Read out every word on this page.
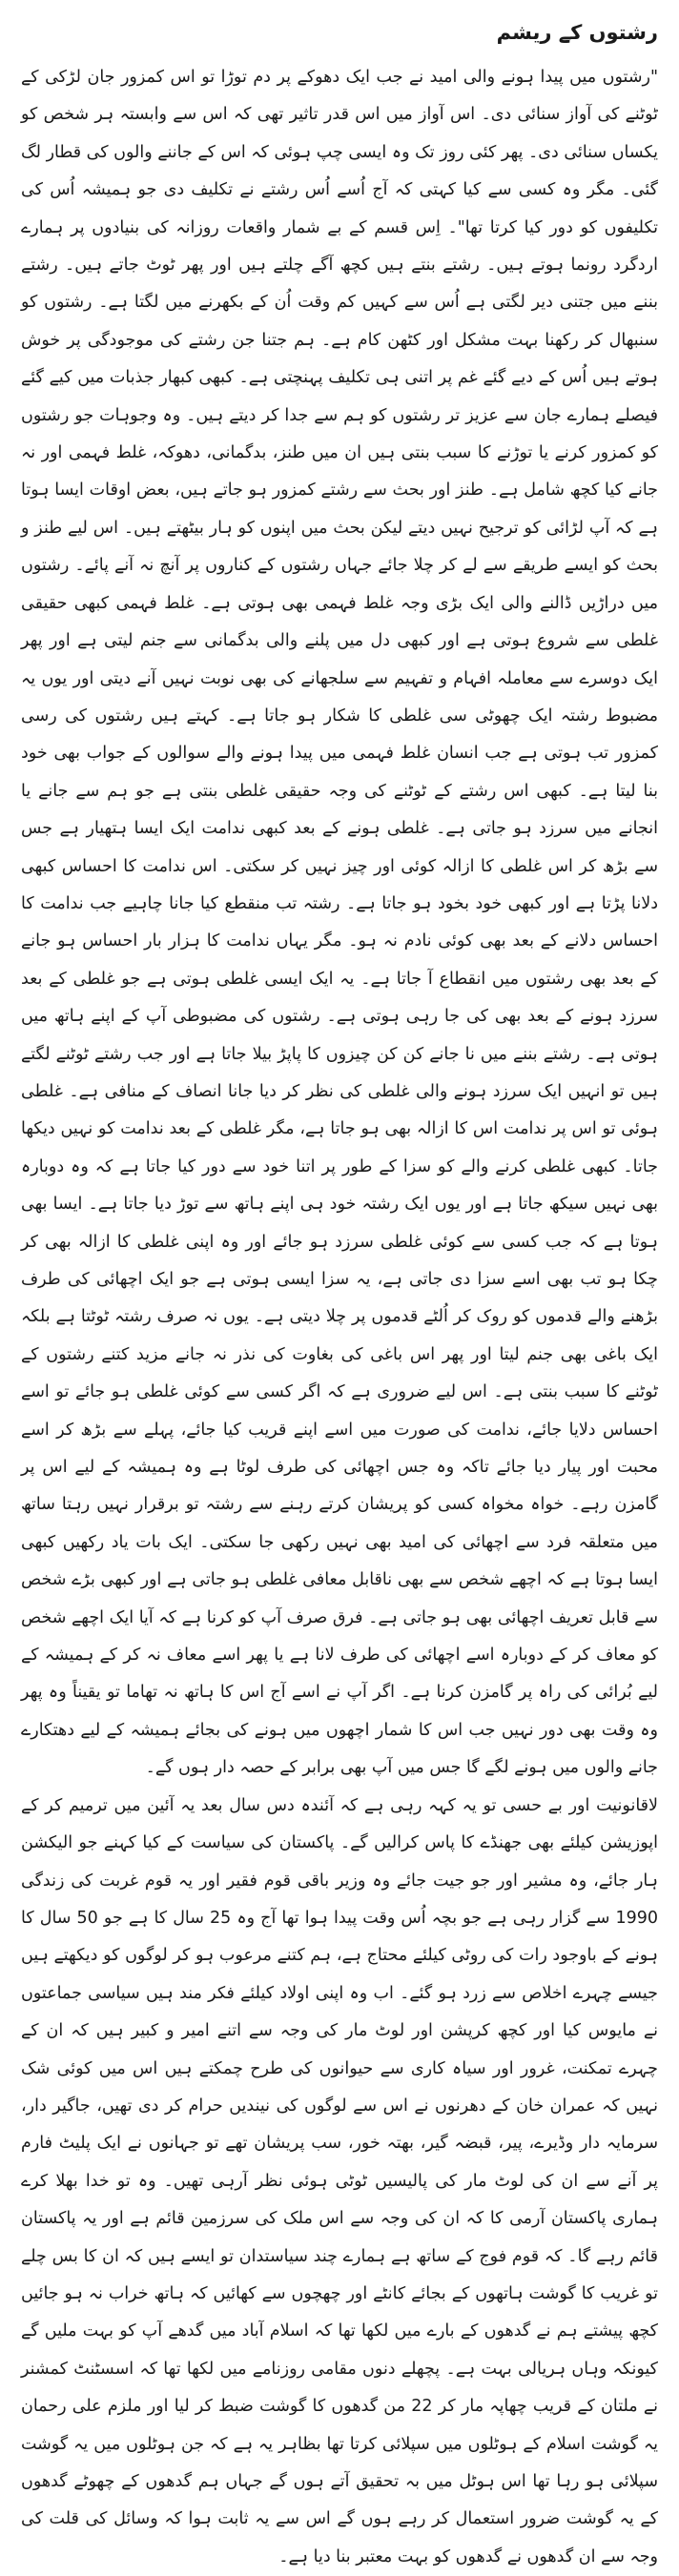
رشتوں کے ریشم

"رشتوں میں پیدا ہونے والی امید نے جب ایک دھوکے پر دم توڑا تو اس کمزور جان لڑکی کے ٹوٹنے کی آواز سنائی دی۔ اس آواز میں اس قدر تاثیر تھی کہ اس سے وابستہ ہر شخص کو یکساں سنائی دی۔ پھر کئی روز تک وہ ایسی چپ ہوئی کہ اس کے جاننے والوں کی قطار لگ گئی۔ مگر وہ کسی سے کیا کہتی کہ آج اُسے اُس رشتے نے تکلیف دی جو ہمیشہ اُس کی تکلیفوں کو دور کیا کرتا تھا"۔ اِس قسم کے بے شمار واقعات روزانہ کی بنیادوں پر ہمارے اردگرد رونما ہوتے ہیں۔ رشتے بنتے ہیں کچھ آگے چلتے ہیں اور پھر ٹوٹ جاتے ہیں۔ رشتے بننے میں جتنی دیر لگتی ہے اُس سے کہیں کم وقت اُن کے بکھرنے میں لگتا ہے۔ رشتوں کو سنبھال کر رکھنا بہت مشکل اور کٹھن کام ہے۔ ہم جتنا جن رشتے کی موجودگی پر خوش ہوتے ہیں اُس کے دیے گئے غم پر اتنی ہی تکلیف پہنچتی ہے۔ کبھی کبھار جذبات میں کیے گئے فیصلے ہمارے جان سے عزیز تر رشتوں کو ہم سے جدا کر دیتے ہیں۔ وہ وجوہات جو رشتوں کو کمزور کرنے یا توڑنے کا سبب بنتی ہیں ان میں طنز، بدگمانی، دھوکہ، غلط فہمی اور نہ جانے کیا کچھ شامل ہے۔ طنز اور بحث سے رشتے کمزور ہو جاتے ہیں، بعض اوقات ایسا ہوتا ہے کہ آپ لڑائی کو ترجیح نہیں دیتے لیکن بحث میں اپنوں کو ہار بیٹھتے ہیں۔ اس لیے طنز و بحث کو ایسے طریقے سے لے کر چلا جائے جہاں رشتوں کے کناروں پر آنچ نہ آنے پائے۔ رشتوں میں دراڑیں ڈالنے والی ایک بڑی وجہ غلط فہمی بھی ہوتی ہے۔ غلط فہمی کبھی حقیقی غلطی سے شروع ہوتی ہے اور کبھی دل میں پلنے والی بدگمانی سے جنم لیتی ہے اور پھر ایک دوسرے سے معاملہ افہام و تفہیم سے سلجھانے کی بھی نوبت نہیں آنے دیتی اور یوں یہ مضبوط رشتہ ایک چھوٹی سی غلطی کا شکار ہو جاتا ہے۔ کہتے ہیں رشتوں کی رسی کمزور تب ہوتی ہے جب انسان غلط فہمی میں پیدا ہونے والے سوالوں کے جواب بھی خود بنا لیتا ہے۔ کبھی اس رشتے کے ٹوٹنے کی وجہ حقیقی غلطی بنتی ہے جو ہم سے جانے یا انجانے میں سرزد ہو جاتی ہے۔ غلطی ہونے کے بعد کبھی ندامت ایک ایسا ہتھیار ہے جس سے بڑھ کر اس غلطی کا ازالہ کوئی اور چیز نہیں کر سکتی۔ اس ندامت کا احساس کبھی دلانا پڑتا ہے اور کبھی خود بخود ہو جاتا ہے۔ رشتہ تب منقطع کیا جانا چاہیے جب ندامت کا احساس دلانے کے بعد بھی کوئی نادم نہ ہو۔ مگر یہاں ندامت کا ہزار بار احساس ہو جانے کے بعد بھی رشتوں میں انقطاع آ جاتا ہے۔ یہ ایک ایسی غلطی ہوتی ہے جو غلطی کے بعد سرزد ہونے کے بعد بھی کی جا رہی ہوتی ہے۔ رشتوں کی مضبوطی آپ کے اپنے ہاتھ میں ہوتی ہے۔ رشتے بننے میں نا جانے کن کن چیزوں کا پاپڑ بیلا جاتا ہے اور جب رشتے ٹوٹنے لگتے ہیں تو انہیں ایک سرزد ہونے والی غلطی کی نظر کر دیا جانا انصاف کے منافی ہے۔ غلطی ہوئی تو اس پر ندامت اس کا ازالہ بھی ہو جاتا ہے، مگر غلطی کے بعد ندامت کو نہیں دیکھا جاتا۔ کبھی غلطی کرنے والے کو سزا کے طور پر اتنا خود سے دور کیا جاتا ہے کہ وہ دوبارہ بھی نہیں سیکھ جاتا ہے اور یوں ایک رشتہ خود ہی اپنے ہاتھ سے توڑ دیا جاتا ہے۔ ایسا بھی ہوتا ہے کہ جب کسی سے کوئی غلطی سرزد ہو جائے اور وہ اپنی غلطی کا ازالہ بھی کر چکا ہو تب بھی اسے سزا دی جاتی ہے، یہ سزا ایسی ہوتی ہے جو ایک اچھائی کی طرف بڑھنے والے قدموں کو روک کر اُلٹے قدموں پر چلا دیتی ہے۔ یوں نہ صرف رشتہ ٹوٹتا ہے بلکہ ایک باغی بھی جنم لیتا اور پھر اس باغی کی بغاوت کی نذر نہ جانے مزید کتنے رشتوں کے ٹوٹنے کا سبب بنتی ہے۔ اس لیے ضروری ہے کہ اگر کسی سے کوئی غلطی ہو جائے تو اسے احساس دلایا جائے، ندامت کی صورت میں اسے اپنے قریب کیا جائے، پہلے سے بڑھ کر اسے محبت اور پیار دیا جائے تاکہ وہ جس اچھائی کی طرف لوٹا ہے وہ ہمیشہ کے لیے اس پر گامزن رہے۔ خواہ مخواہ کسی کو پریشان کرتے رہنے سے رشتہ تو برقرار نہیں رہتا ساتھ میں متعلقہ فرد سے اچھائی کی امید بھی نہیں رکھی جا سکتی۔ ایک بات یاد رکھیں کبھی ایسا ہوتا ہے کہ اچھے شخص سے بھی ناقابل معافی غلطی ہو جاتی ہے اور کبھی بڑے شخص سے قابل تعریف اچھائی بھی ہو جاتی ہے۔ فرق صرف آپ کو کرنا ہے کہ آیا ایک اچھے شخص کو معاف کر کے دوبارہ اسے اچھائی کی طرف لانا ہے یا پھر اسے معاف نہ کر کے ہمیشہ کے لیے بُرائی کی راہ پر گامزن کرنا ہے۔ اگر آپ نے اسے آج اس کا ہاتھ نہ تھاما تو یقیناً وہ پھر وہ وقت بھی دور نہیں جب اس کا شمار اچھوں میں ہونے کی بجائے ہمیشہ کے لیے دھتکارے جانے والوں میں ہونے لگے گا جس میں آپ بھی برابر کے حصہ دار ہوں گے۔

لاقانونیت اور بے حسی تو یہ کہہ رہی ہے کہ آئندہ دس سال بعد یہ آئین میں ترمیم کر کے اپوزیشن کیلئے بھی جھنڈے کا پاس کرالیں گے۔ پاکستان کی سیاست کے کیا کہنے جو الیکشن ہار جائے، وہ مشیر اور جو جیت جائے وہ وزیر باقی قوم فقیر اور یہ قوم غربت کی زندگی 1990 سے گزار رہی ہے جو بچہ اُس وقت پیدا ہوا تھا آج وہ 25 سال کا ہے جو 50 سال کا ہونے کے باوجود رات کی روٹی کیلئے محتاج ہے، ہم کتنے مرعوب ہو کر لوگوں کو دیکھتے ہیں جیسے چہرے اخلاص سے زرد ہو گئے۔ اب وہ اپنی اولاد کیلئے فکر مند ہیں سیاسی جماعتوں نے مایوس کیا اور کچھ کرپشن اور لوٹ مار کی وجہ سے اتنے امیر و کبیر ہیں کہ ان کے چہرے تمکنت، غرور اور سیاہ کاری سے حیوانوں کی طرح چمکتے ہیں اس میں کوئی شک نہیں کہ عمران خان کے دھرنوں نے اس سے لوگوں کی نیندیں حرام کر دی تھیں، جاگیر دار، سرمایہ دار وڈیرے، پیر، قبضہ گیر، بھتہ خور، سب پریشان تھے تو جہانوں نے ایک پلیٹ فارم پر آنے سے ان کی لوٹ مار کی پالیسیں ٹوٹی ہوئی نظر آرہی تھیں۔ وہ تو خدا بھلا کرے ہماری پاکستان آرمی کا کہ ان کی وجہ سے اس ملک کی سرزمین قائم ہے اور یہ پاکستان قائم رہے گا۔ کہ قوم فوج کے ساتھ ہے ہمارے چند سیاستدان تو ایسے ہیں کہ ان کا بس چلے تو غریب کا گوشت ہاتھوں کے بجائے کانٹے اور چھچوں سے کھائیں کہ ہاتھ خراب نہ ہو جائیں کچھ پیشتے ہم نے گدھوں کے بارے میں لکھا تھا کہ اسلام آباد میں گدھے آپ کو بہت ملیں گے کیونکہ وہاں ہریالی بہت ہے۔ پچھلے دنوں مقامی روزنامے میں لکھا تھا کہ اسسٹنٹ کمشنر نے ملتان کے قریب چھاپہ مار کر 22 من گدھوں کا گوشت ضبط کر لیا اور ملزم علی رحمان یہ گوشت اسلام کے ہوٹلوں میں سپلائی کرتا تھا بظاہر یہ ہے کہ جن ہوٹلوں میں یہ گوشت سپلائی ہو رہا تھا اس ہوٹل میں بہ تحقیق آتے ہوں گے جہاں ہم گدھوں کے چھوٹے گدھوں کے یہ گوشت ضرور استعمال کر رہے ہوں گے اس سے یہ ثابت ہوا کہ وسائل کی قلت کی وجہ سے ان گدھوں نے گدھوں کو بہت معتبر بنا دیا ہے۔
